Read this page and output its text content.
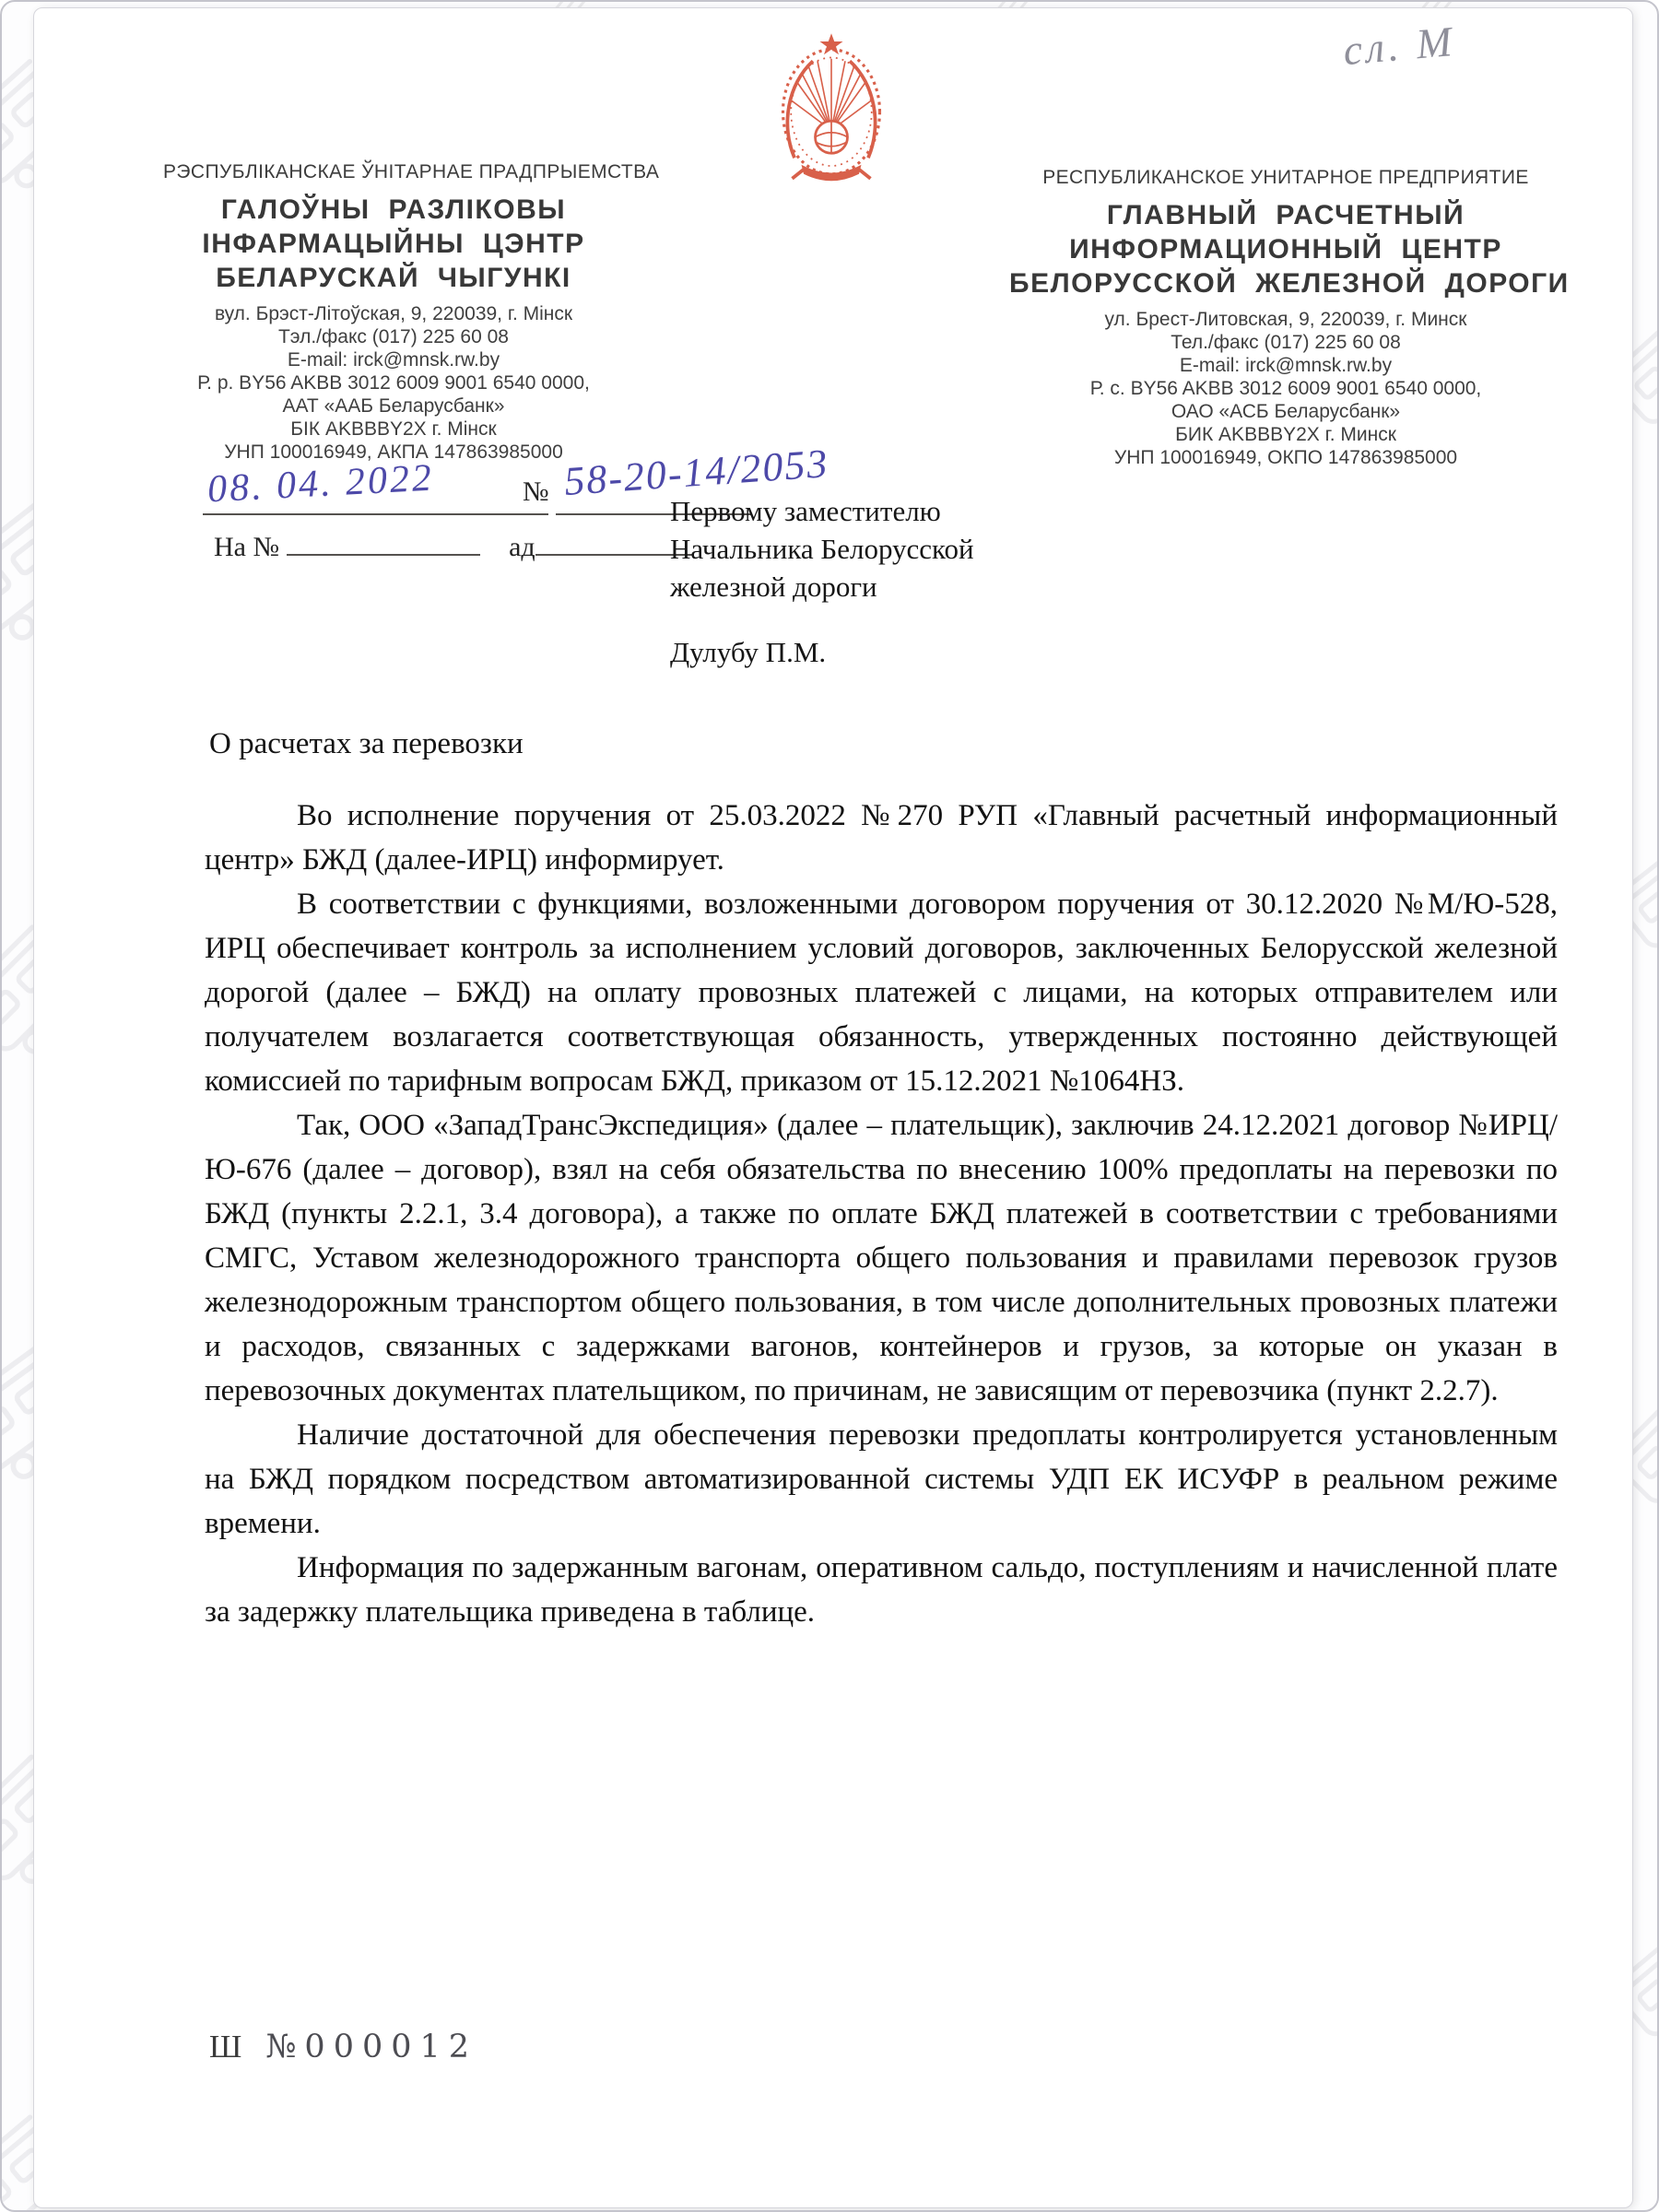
сл. М
РЭСПУБЛІКАНСКАЕ ЎНІТАРНАЕ ПРАДПРЫЕМСТВА
ГАЛОЎНЫ РАЗЛІКОВЫ
ІНФАРМАЦЫЙНЫ ЦЭНТР
БЕЛАРУСКАЙ ЧЫГУНКІ
вул. Брэст-Літоўская, 9, 220039, г. Мінск
Тэл./факс (017) 225 60 08
E-mail: irck@mnsk.rw.by
Р. р. BY56 AKBB 3012 6009 9001 6540 0000,
ААТ «ААБ Беларусбанк»
БІК AKBBBY2X г. Мінск
УНП 100016949, АКПА 147863985000
РЕСПУБЛИКАНСКОЕ УНИТАРНОЕ ПРЕДПРИЯТИЕ
ГЛАВНЫЙ РАСЧЕТНЫЙ
ИНФОРМАЦИОННЫЙ ЦЕНТР
БЕЛОРУССКОЙ ЖЕЛЕЗНОЙ ДОРОГИ
ул. Брест-Литовская, 9, 220039, г. Минск
Тел./факс (017) 225 60 08
E-mail: irck@mnsk.rw.by
Р. с. BY56 AKBB 3012 6009 9001 6540 0000,
ОАО «АСБ Беларусбанк»
БИК AKBBBY2X г. Минск
УНП 100016949, ОКПО 147863985000
08. 04. 2022	№ 58-20-14/2053
На №	ад
Первому заместителю
Начальника Белорусской
железной дороги
Дулубу П.М.
О расчетах за перевозки

Во исполнение поручения от 25.03.2022 №270 РУП «Главный расчетный информационный центр» БЖД (далее-ИРЦ) информирует.

В соответствии с функциями, возложенными договором поручения от 30.12.2020 №М/Ю-528, ИРЦ обеспечивает контроль за исполнением условий договоров, заключенных Белорусской железной дорогой (далее – БЖД) на оплату провозных платежей с лицами, на которых отправителем или получателем возлагается соответствующая обязанность, утвержденных постоянно действующей комиссией по тарифным вопросам БЖД, приказом от 15.12.2021 №1064НЗ.

Так, ООО «ЗападТрансЭкспедиция» (далее – плательщик), заключив 24.12.2021 договор №ИРЦ/Ю-676 (далее – договор), взял на себя обязательства по внесению 100% предоплаты на перевозки по БЖД (пункты 2.2.1, 3.4 договора), а также по оплате БЖД платежей в соответствии с требованиями СМГС, Уставом железнодорожного транспорта общего пользования и правилами перевозок грузов железнодорожным транспортом общего пользования, в том числе дополнительных провозных платежи и расходов, связанных с задержками вагонов, контейнеров и грузов, за которые он указан в перевозочных документах плательщиком, по причинам, не зависящим от перевозчика (пункт 2.2.7).

Наличие достаточной для обеспечения перевозки предоплаты контролируется установленным на БЖД порядком посредством автоматизированной системы УДП ЕК ИСУФР в реальном режиме времени.

Информация по задержанным вагонам, оперативном сальдо, поступлениям и начисленной плате за задержку плательщика приведена в таблице.

Ш №000012
